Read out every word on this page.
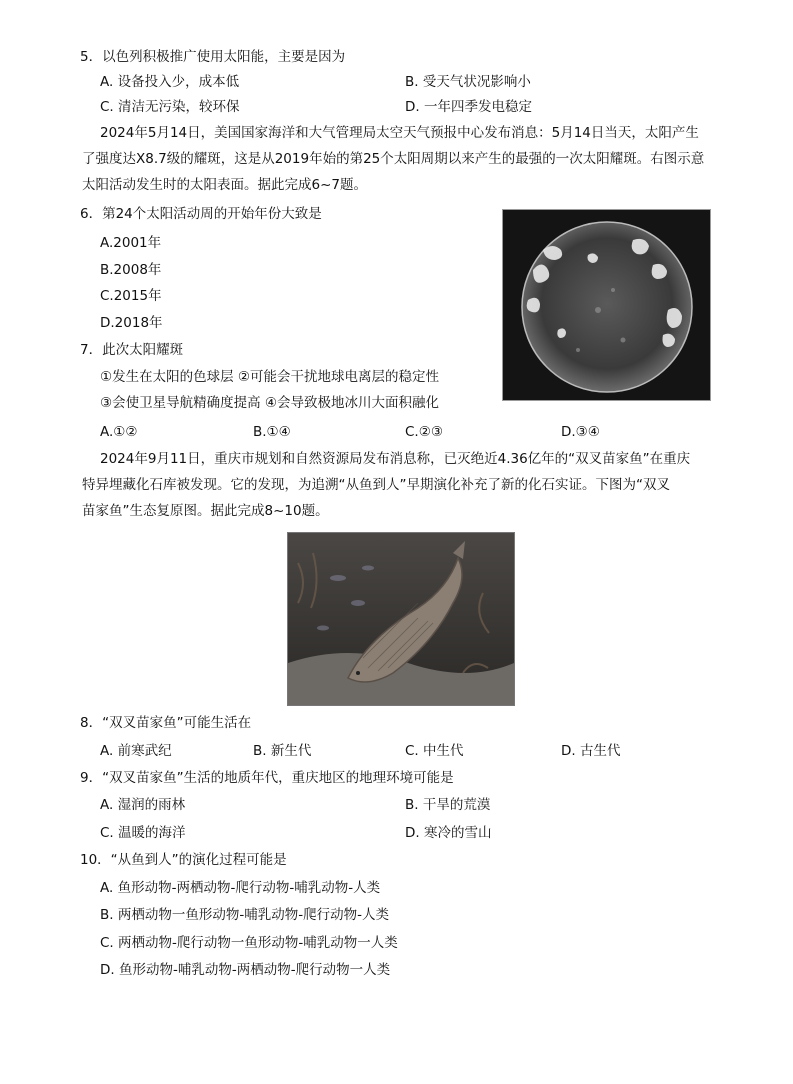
5．以色列积极推广使用太阳能，主要是因为
A. 设备投入少，成本低	B. 受天气状况影响小
C. 清洁无污染，较环保	D. 一年四季发电稳定
2024年5月14日，美国国家海洋和大气管理局太空天气预报中心发布消息：5月14日当天，太阳产生
了强度达X8.7级的耀斑，这是从2019年始的第25个太阳周期以来产生的最强的一次太阳耀斑。右图示意
太阳活动发生时的太阳表面。据此完成6~7题。
6．第24个太阳活动周的开始年份大致是
A.2001年
B.2008年
C.2015年
D.2018年
7．此次太阳耀斑
①发生在太阳的色球层 ②可能会干扰地球电离层的稳定性
③会使卫星导航精确度提高 ④会导致极地冰川大面积融化
A.①②	B.①④	C.②③	D.③④
2024年9月11日，重庆市规划和自然资源局发布消息称，已灭绝近4.36亿年的“双叉苗家鱼”在重庆
特异埋藏化石库被发现。它的发现，为追溯“从鱼到人”早期演化补充了新的化石实证。下图为“双叉
苗家鱼”生态复原图。据此完成8~10题。
8．“双叉苗家鱼”可能生活在
A. 前寒武纪	B. 新生代	C. 中生代	D. 古生代
9．“双叉苗家鱼”生活的地质年代，重庆地区的地理环境可能是
A. 湿润的雨林	B. 干旱的荒漠
C. 温暖的海洋	D. 寒冷的雪山
10．“从鱼到人”的演化过程可能是
A. 鱼形动物-两栖动物-爬行动物-哺乳动物-人类
B. 两栖动物一鱼形动物-哺乳动物-爬行动物-人类
C. 两栖动物-爬行动物一鱼形动物-哺乳动物一人类
D. 鱼形动物-哺乳动物-两栖动物-爬行动物一人类
